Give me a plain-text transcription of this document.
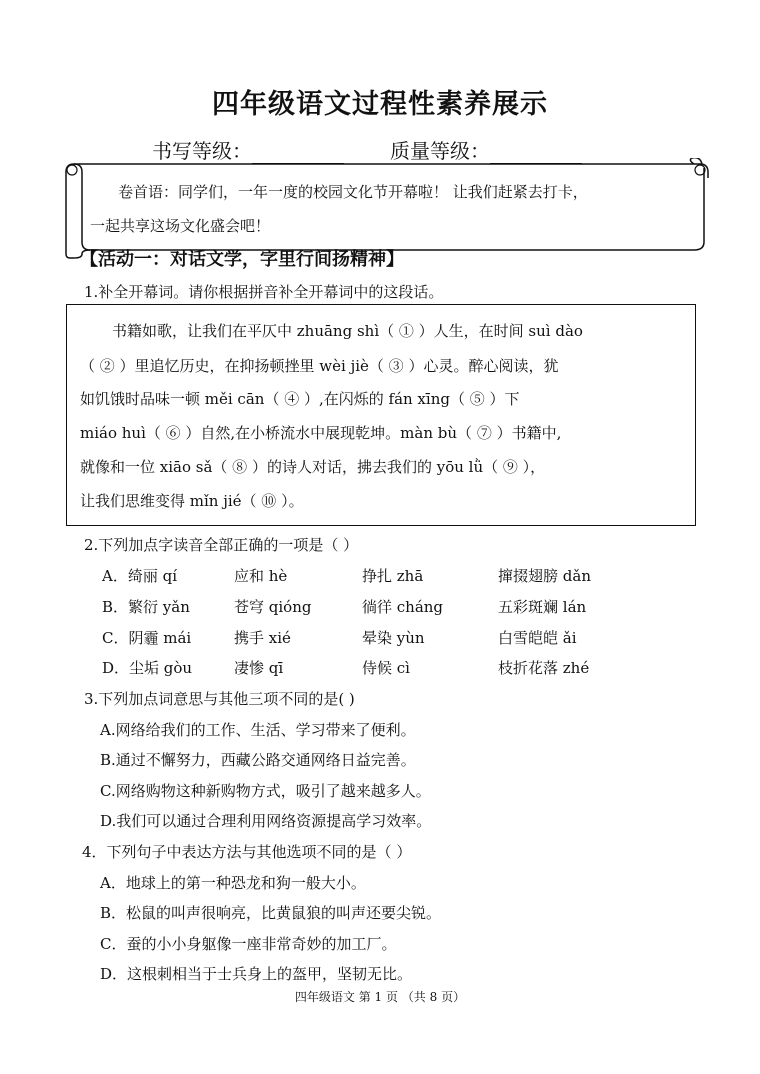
四年级语文过程性素养展示
书写等级：	质量等级：
卷首语：同学们，一年一度的校园文化节开幕啦！ 让我们赶紧去打卡，
一起共享这场文化盛会吧！
【活动一：对话文学，字里行间扬精神】
1.补全开幕词。请你根据拼音补全开幕词中的这段话。
书籍如歌，让我们在平仄中 zhuāng shì（ ① ）人生，在时间 suì dào
（ ② ）里追忆历史，在抑扬顿挫里 wèi jiè（ ③ ）心灵。醉心阅读，犹
如饥饿时品味一顿 měi cān（ ④ ）,在闪烁的 fán xīng（ ⑤ ）下
miáo huì（ ⑥ ）自然,在小桥流水中展现乾坤。màn bù（ ⑦ ）书籍中,
就像和一位 xiāo sǎ（ ⑧ ）的诗人对话，拂去我们的 yōu lǜ（ ⑨ ），
让我们思维变得 mǐn jié（ ⑩ ）。
2.下列加点字读音全部正确的一项是（ ）
A．绮丽 qí	应和 hè	挣扎 zhā	撺掇翅膀 dǎn
B．繁衍 yǎn	苍穹 qióng	徜徉 cháng	五彩斑斓 lán
C．阴霾 mái	携手 xié	晕染 yùn	白雪皑皑 ǎi
D．尘垢 gòu	凄惨 qī	侍候 cì	枝折花落 zhé
3.下列加点词意思与其他三项不同的是( )
A.网络给我们的工作、生活、学习带来了便利。
B.通过不懈努力，西藏公路交通网络日益完善。
C.网络购物这种新购物方式，吸引了越来越多人。
D.我们可以通过合理利用网络资源提高学习效率。
4．下列句子中表达方法与其他选项不同的是（ ）
A．地球上的第一种恐龙和狗一般大小。
B．松鼠的叫声很响亮，比黄鼠狼的叫声还要尖锐。
C．蚕的小小身躯像一座非常奇妙的加工厂。
D．这根刺相当于士兵身上的盔甲，坚韧无比。
四年级语文 第 1 页 （共 8 页）
